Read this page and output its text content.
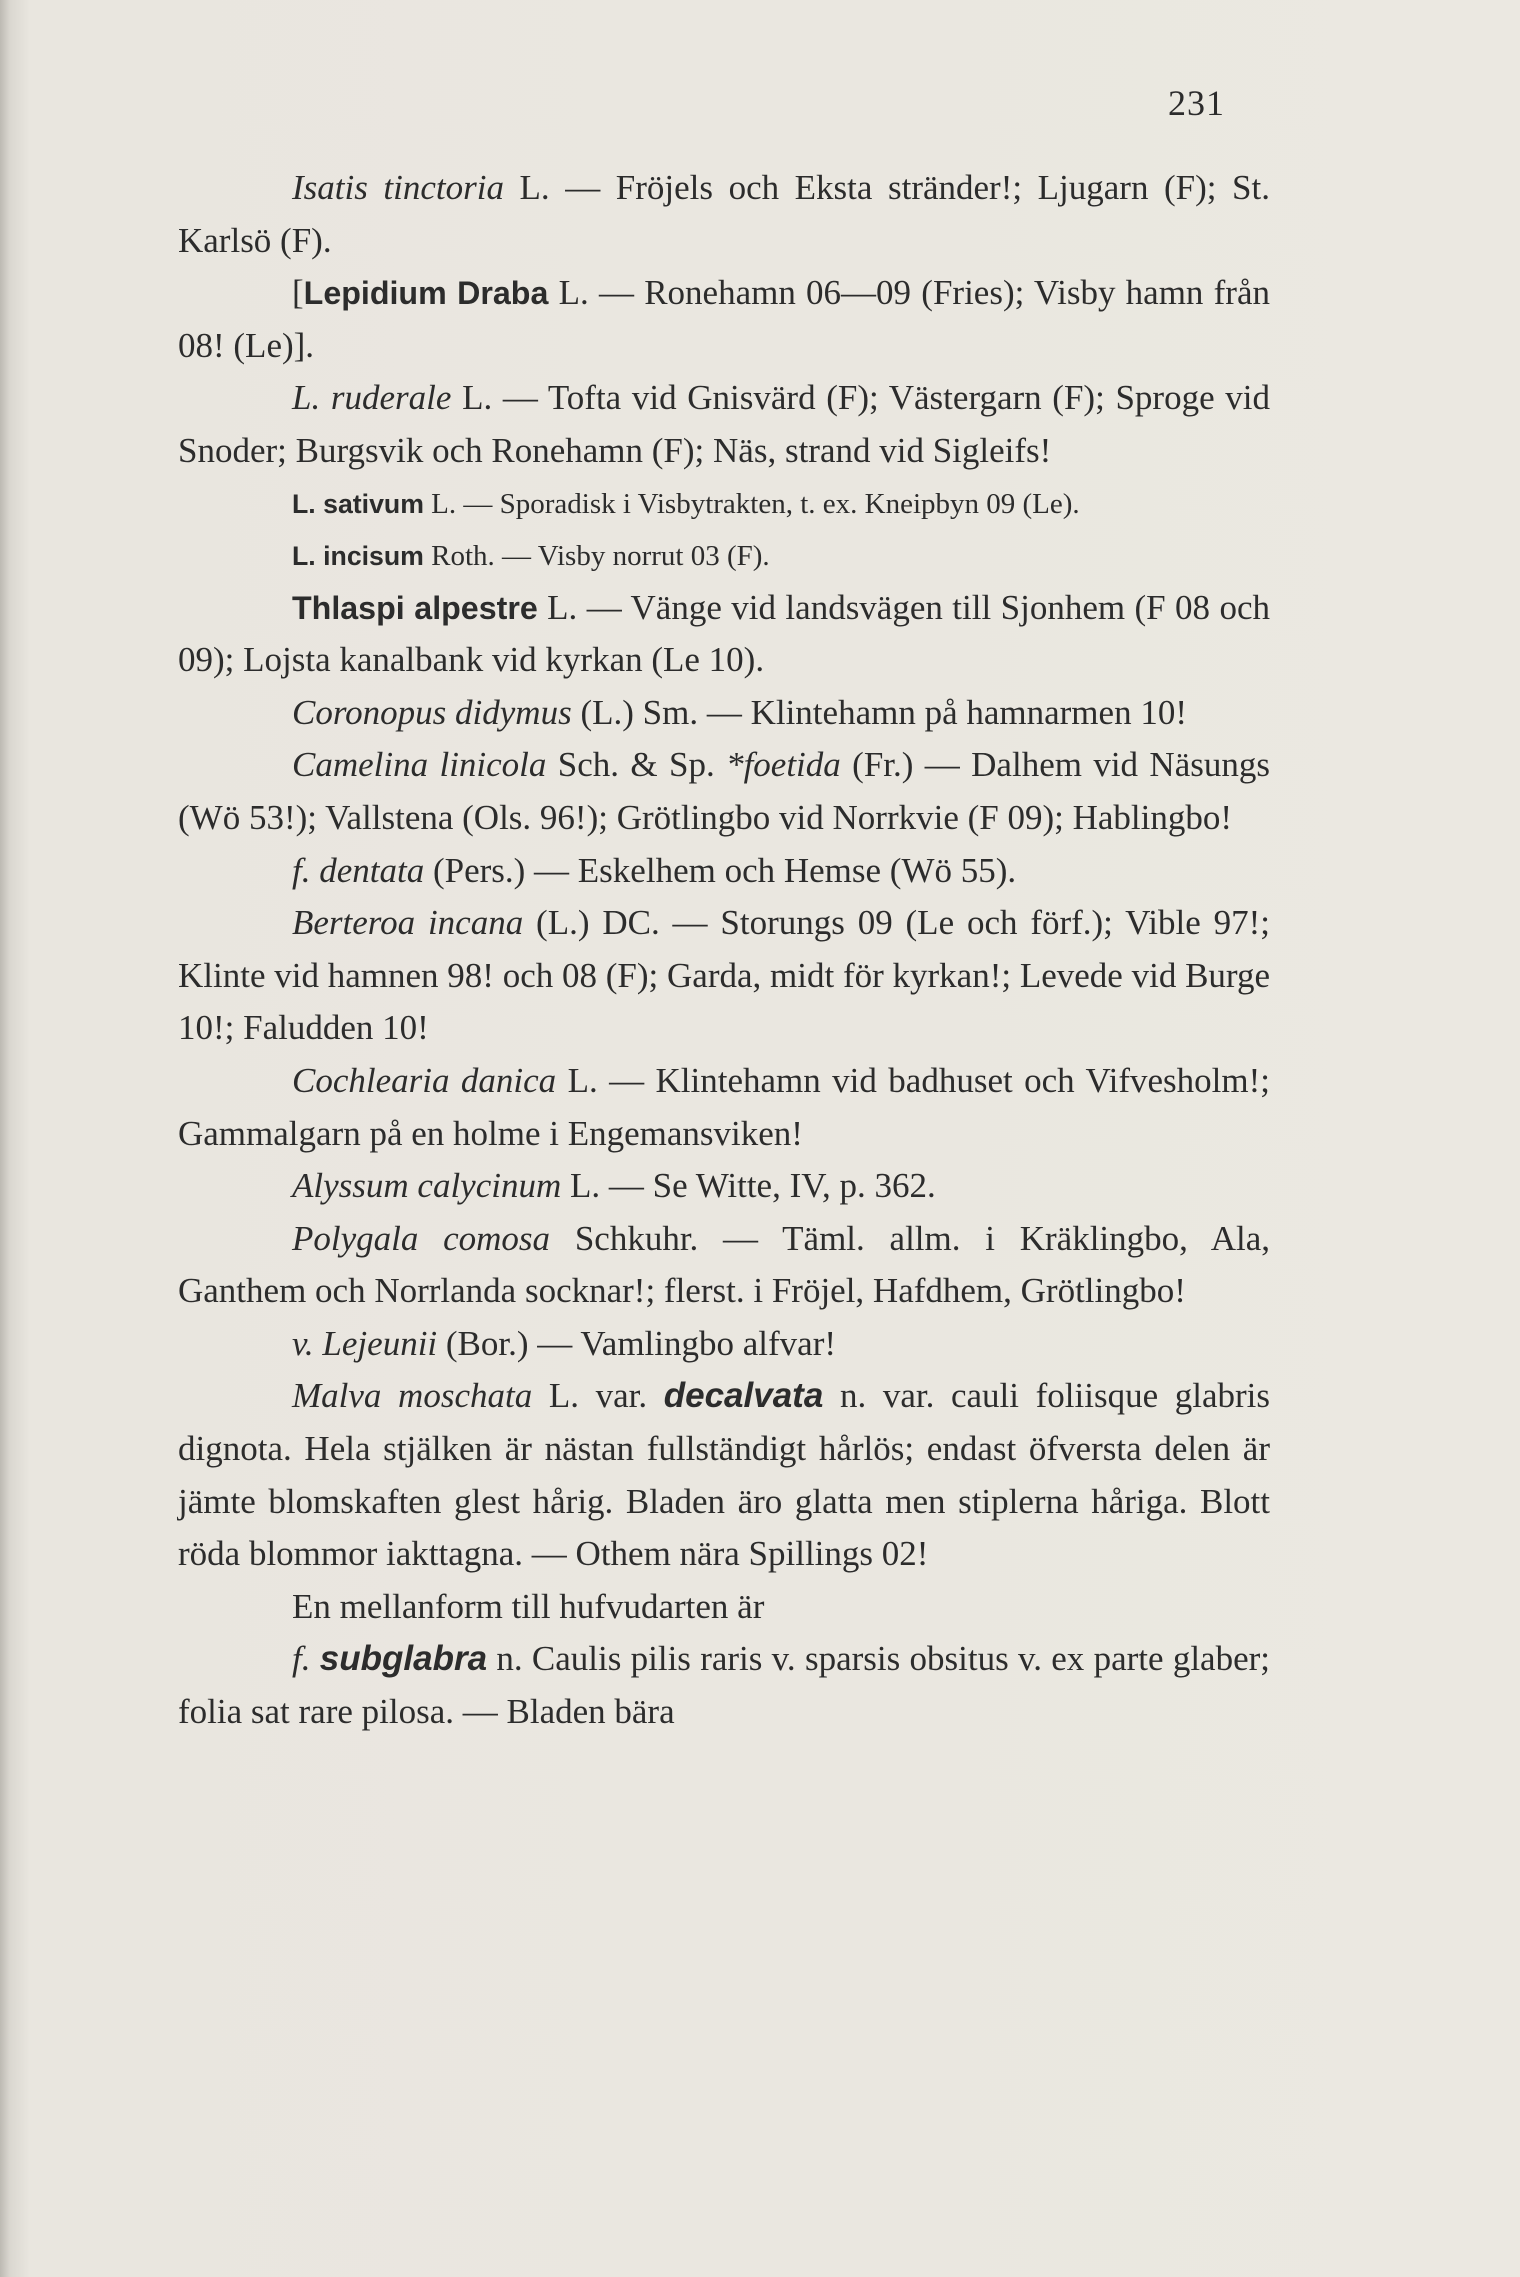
231

Isatis tinctoria L. — Fröjels och Eksta stränder!; Ljugarn (F); St. Karlsö (F).

[Lepidium Draba L. — Ronehamn 06—09 (Fries); Visby hamn från 08! (Le)].

L. ruderale L. — Tofta vid Gnisvärd (F); Västergarn (F); Sproge vid Snoder; Burgsvik och Ronehamn (F); Näs, strand vid Sigleifs!

L. sativum L. — Sporadisk i Visbytrakten, t. ex. Kneipbyn 09 (Le).

L. incisum Roth. — Visby norrut 03 (F).

Thlaspi alpestre L. — Vänge vid landsvägen till Sjonhem (F 08 och 09); Lojsta kanalbank vid kyrkan (Le 10).

Coronopus didymus (L.) Sm. — Klintehamn på hamnarmen 10!

Camelina linicola Sch. & Sp. *foetida (Fr.) — Dalhem vid Näsungs (Wö 53!); Vallstena (Ols. 96!); Grötlingbo vid Norrkvie (F 09); Hablingbo!

f. dentata (Pers.) — Eskelhem och Hemse (Wö 55).

Berteroa incana (L.) DC. — Storungs 09 (Le och förf.); Vible 97!; Klinte vid hamnen 98! och 08 (F); Garda, midt för kyrkan!; Levede vid Burge 10!; Faludden 10!

Cochlearia danica L. — Klintehamn vid badhuset och Vifvesholm!; Gammalgarn på en holme i Engemansviken!

Alyssum calycinum L. — Se Witte, IV, p. 362.

Polygala comosa Schkuhr. — Täml. allm. i Kräklingbo, Ala, Ganthem och Norrlanda socknar!; flerst. i Fröjel, Hafdhem, Grötlingbo!

v. Lejeunii (Bor.) — Vamlingbo alfvar!

Malva moschata L. var. decalvata n. var. cauli foliisque glabris dignota. Hela stjälken är nästan fullständigt hårlös; endast öfversta delen är jämte blomskaften glest hårig. Bladen äro glatta men stiplerna håriga. Blott röda blommor iakttagna. — Othem nära Spillings 02!

En mellanform till hufvudarten är

f. subglabra n. Caulis pilis raris v. sparsis obsitus v. ex parte glaber; folia sat rare pilosa. — Bladen bära
